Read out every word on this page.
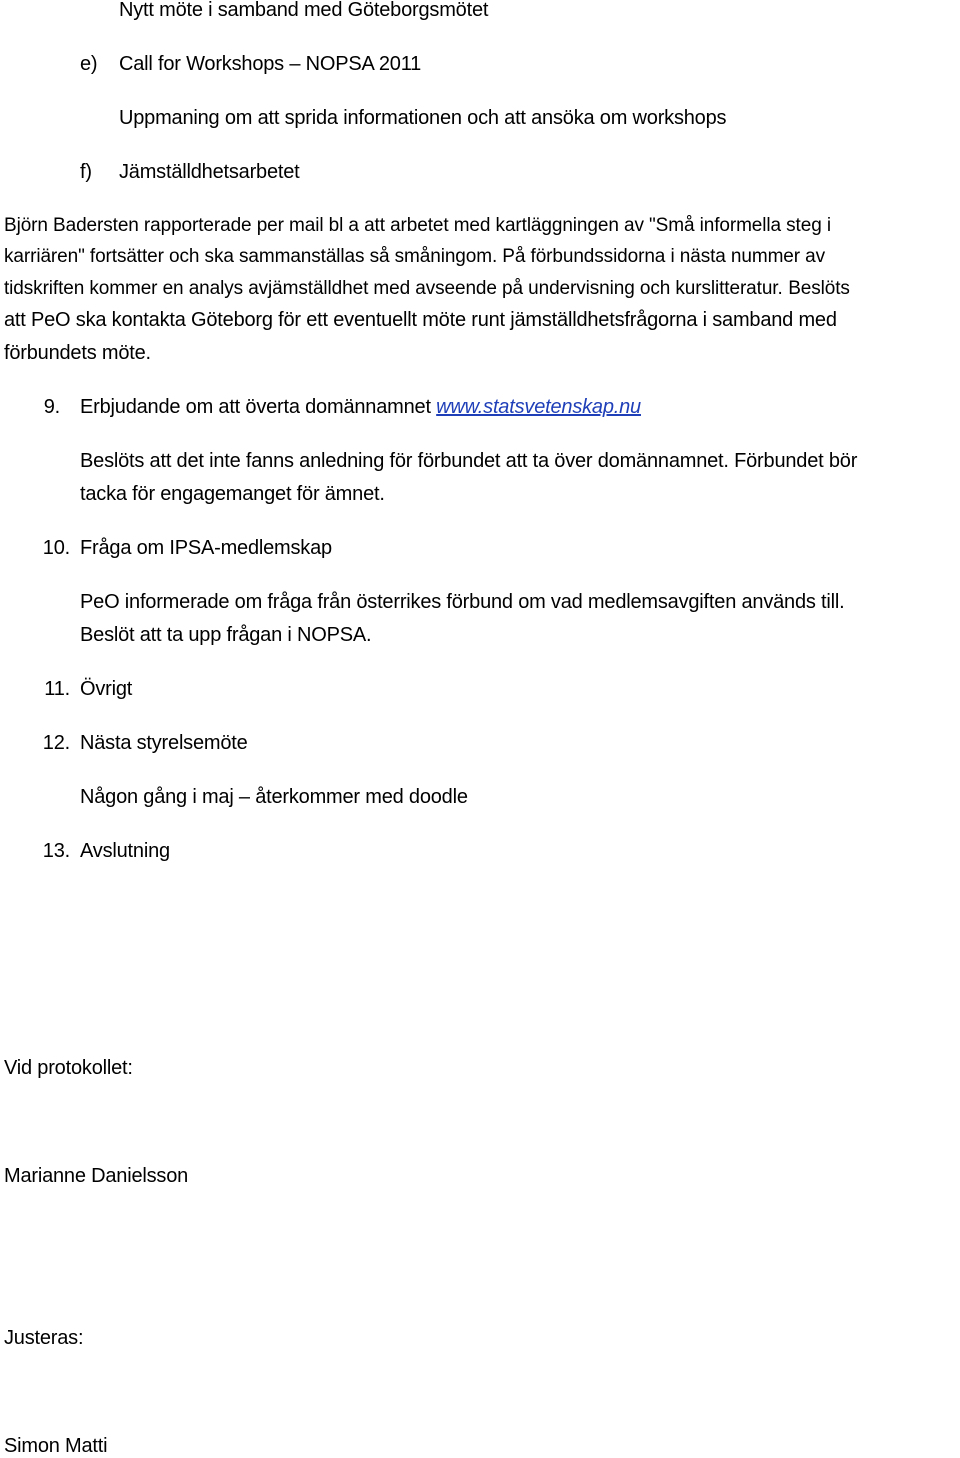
Nytt möte i samband med Göteborgsmötet
e) Call for Workshops – NOPSA 2011
Uppmaning om att sprida informationen och att ansöka om workshops
f) Jämställdhetsarbetet
Björn Badersten rapporterade per mail bl a att arbetet med kartläggningen av "Små informella steg i
karriären" fortsätter och ska sammanställas så småningom. På förbundssidorna i nästa nummer av
tidskriften kommer en analys avjämställdhet med avseende på undervisning och kurslitteratur. Beslöts
att PeO ska kontakta Göteborg för ett eventuellt möte runt jämställdhetsfrågorna i samband med
förbundets möte.
9. Erbjudande om att överta domännamnet www.statsvetenskap.nu
Beslöts att det inte fanns anledning för förbundet att ta över domännamnet. Förbundet bör
tacka för engagemanget för ämnet.
10. Fråga om IPSA-medlemskap
PeO informerade om fråga från österrikes förbund om vad medlemsavgiften används till.
Beslöt att ta upp frågan i NOPSA.
11. Övrigt
12. Nästa styrelsemöte
Någon gång i maj – återkommer med doodle
13. Avslutning
Vid protokollet:
Marianne Danielsson
Justeras:
Simon Matti
